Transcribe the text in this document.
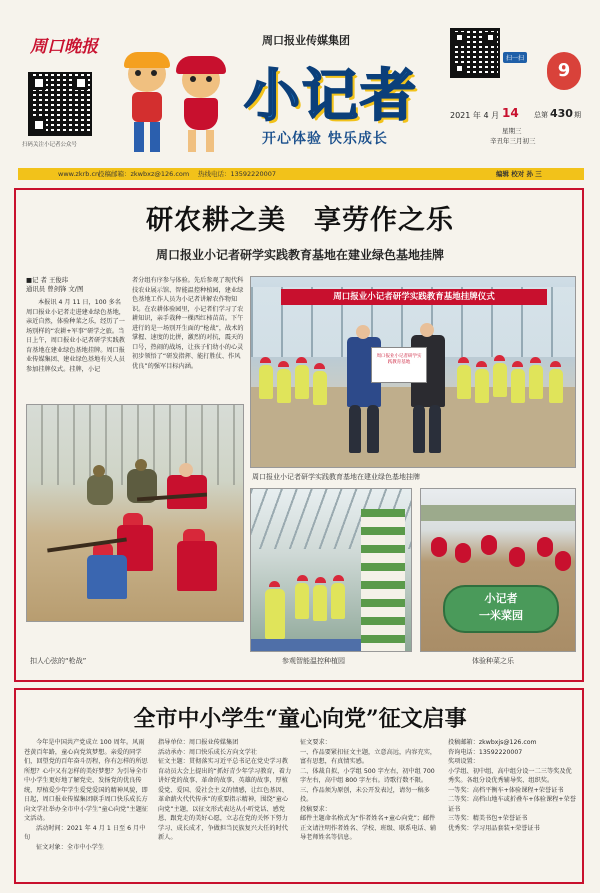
周口晚报
扫码关注小记者公众号
周口报业传媒集团
小记者
开心体验 快乐成长
扫一扫
9
2021 年 4 月 14 总第 430 期
星期三
辛丑年三月初三
www.zkrb.cn
投稿邮箱：zkwbxz@126.com 热线电话：13592220007	编辑 校对 孙 三
研农耕之美　享劳作之乐
周口报业小记者研学实践教育基地在建业绿色基地挂牌
■记 者 王俊玮
通讯员 曾剑锋 文/图

本报讯 4 月 11 日，100 多名周口报业小记者走进建业绿色基地，亲近自然，体验种菜之乐，经历了一场别样的“农耕+军事”研学之旅。当日上午，周口报业小记者研学实践教育基地在建业绿色基地挂牌。周口报业传媒集团、建业绿色基地有关人员参加挂牌仪式。挂牌，小记

者分组有序参与体验。先后参观了现代科技农业展示馆、智能温控种植园，建业绿色基地工作人员为小记者讲解农作物知识。在农耕体验园里，小记者们学习了农耕知识，亲手栽种一棵西红柿苗苗。下午进行的是一场别开生面的“枪战”，战术的掌握、速度的比拼，激烈的对抗，震天的口号，热闹的战场，让孩子们幼小的心灵初步领悟了“研发指挥、能打胜仗、作风优良”的强军目标内涵。

周口报业小记者研学实践教育基地挂牌仪式
周口报业小记者研学实践教育基地
周口报业小记者研学实践教育基地在建业绿色基地挂牌
扣人心弦的“枪战”	参观智能温控种植园
小记者
一米菜园
体验种菜之乐
全市中小学生“童心向党”征文启事

今年是中国共产党成立 100 周年。风雨苍黄百年路，童心向党筑梦想。亲爱的同学们，回望党的百年奋斗历程，你有怎样的所思所想？心中又有怎样的美好梦想？为引导全市中小学生更好地了解党史、发扬党的优良传统，厚植爱少年学生爱党爱国的精神风貌，即日起，周口报业传媒集团联手周口快乐成长方向文学社举办全市中小学生“童心向党”主题征文活动。

活动时间：2021 年 4 月 1 日至 6 月中旬

征文对象：全市中小学生

指导单位：周口报业传媒集团
活动承办：周口快乐成长方向文学社
征文主题：贯彻落实习近平总书记在党史学习教育动员大会上提出的“抓好青少年学习教育，着力讲好党的故事、革命的故事、英雄的故事，厚植爱党、爱国、爱社会主义的情感，让红色基因、革命薪火代代传承”的重要指示精神，围绕“童心向党”主题，以征文形式表达从小听党话、感党恩、跟党走的美好心愿，立志在党的关怀下努力学习、成长成才，争做担当民族复兴大任的时代新人。

征文要求：
一、作品要紧扣征文主题，立意高远，内容充实，富有思想，有真情实感。
二、体裁自拟，小学组 500 字左右，初中组 700 字左右，高中组 800 字左右。诗歌行数不限。
三、作品须为原创，未公开发表过，请勿一稿多投。
投稿要求：
邮件主题命名格式为“作者姓名+童心向党”；邮件正文请注明作者姓名、学校、班级、联系电话、辅导老师姓名等信息。

投稿邮箱：zkwbxjs@126.com
咨询电话：13592220007
奖项设置：
小学组、初中组、高中组分设一二三等奖及优秀奖。各组分设优秀辅导奖、组织奖。
一等奖：高档平衡车+体验课程+荣誉证书
二等奖：高档山地车或折叠车+体验课程+荣誉证书
三等奖：精美书包+荣誉证书
优秀奖：学习用品套装+荣誉证书
